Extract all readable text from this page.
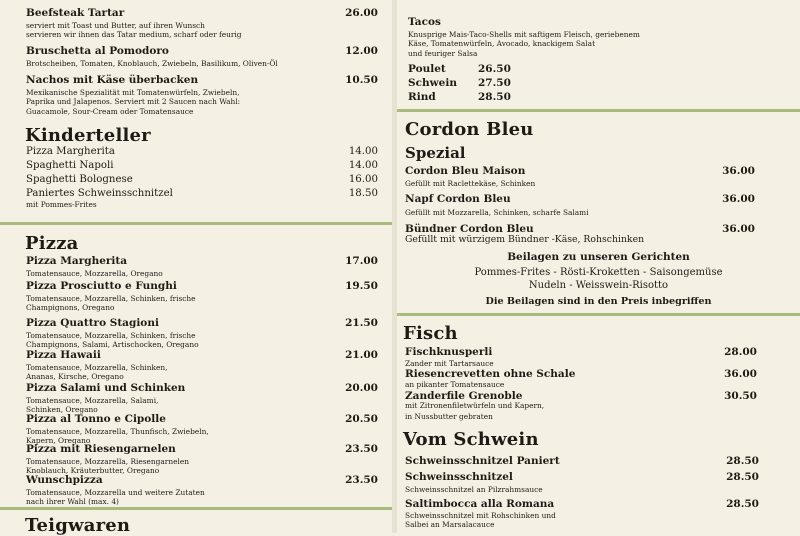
Beefsteak Tartar	26.00
serviert mit Toast und Butter, auf ihren Wunsch
servieren wir ihnen das Tatar medium, scharf oder feurig
Bruschetta al Pomodoro	12.00
Brotscheiben, Tomaten, Knoblauch, Zwiebeln, Basilikum, Oliven-Öl
Nachos mit Käse überbacken	10.50
Mexikanische Spezialität mit Tomatenwürfeln, Zwiebeln,
Paprika und Jalapenos. Serviert mit 2 Saucen nach Wahl:
Guacamole, Sour-Cream oder Tomatensauce
Kinderteller
Pizza Margherita	14.00
Spaghetti Napoli	14.00
Spaghetti Bolognese	16.00
Paniertes Schweinsschnitzel	18.50
mit Pommes-Frites
Pizza
Pizza Margherita	17.00
Tomatensauce, Mozzarella, Oregano
Pizza Prosciutto e Funghi	19.50
Tomatensauce, Mozzarella, Schinken, frische
Champignons, Oregano
Pizza Quattro Stagioni	21.50
Tomatensauce, Mozzarella, Schinken, frische
Champignons, Salami, Artischocken, Oregano
Pizza Hawaii	21.00
Tomatensauce, Mozzarella, Schinken,
Ananas, Kirsche, Oregano
Pizza Salami und Schinken	20.00
Tomatensauce, Mozzarella, Salami,
Schinken, Oregano
Pizza al Tonno e Cipolle	20.50
Tomatensauce, Mozzarella, Thunfisch, Zwiebeln,
Kapern, Oregano
Pizza mit Riesengarnelen	23.50
Tomatensauce, Mozzarella, Riesengarnelen
Knoblauch, Kräuterbutter, Oregano
Wunschpizza	23.50
Tomatensauce, Mozzarella und weitere Zutaten
nach ihrer Wahl (max. 4)
Teigwaren
Tacos
Knusprige Mais-Taco-Shells mit saftigem Fleisch, geriebenem
Käse, Tomatenwürfeln, Avocado, knackigem Salat
und feuriger Salsa
Poulet	26.50
Schwein 27.50
Rind	28.50
Cordon Bleu
Spezial
Cordon Bleu Maison	36.00
Gefüllt mit Raclettekäse, Schinken
Napf Cordon Bleu	36.00
Gefüllt mit Mozzarella, Schinken, scharfe Salami
Bündner Cordon Bleu	36.00
Gefüllt mit würzigem Bündner -Käse, Rohschinken
Beilagen zu unseren Gerichten
Pommes-Frites - Rösti-Kroketten - Saisongemüse
Nudeln - Weisswein-Risotto
Die Beilagen sind in den Preis inbegriffen
Fisch
Fischknusperli	28.00
Zander mit Tartarsauce
Riesencrevetten ohne Schale	36.00
an pikanter Tomatensauce
Zanderfile Grenoble	30.50
mit Zitronenfiletwürfeln und Kapern,
in Nussbutter gebraten
Vom Schwein
Schweinsschnitzel Paniert	28.50
Schweinsschnitzel	28.50
Schweinsschnitzel an Pilzrahmsauce
Saltimbocca alla Romana	28.50
Schweinsschnitzel mit Rohschinken und
Salbei an Marsalacauce
